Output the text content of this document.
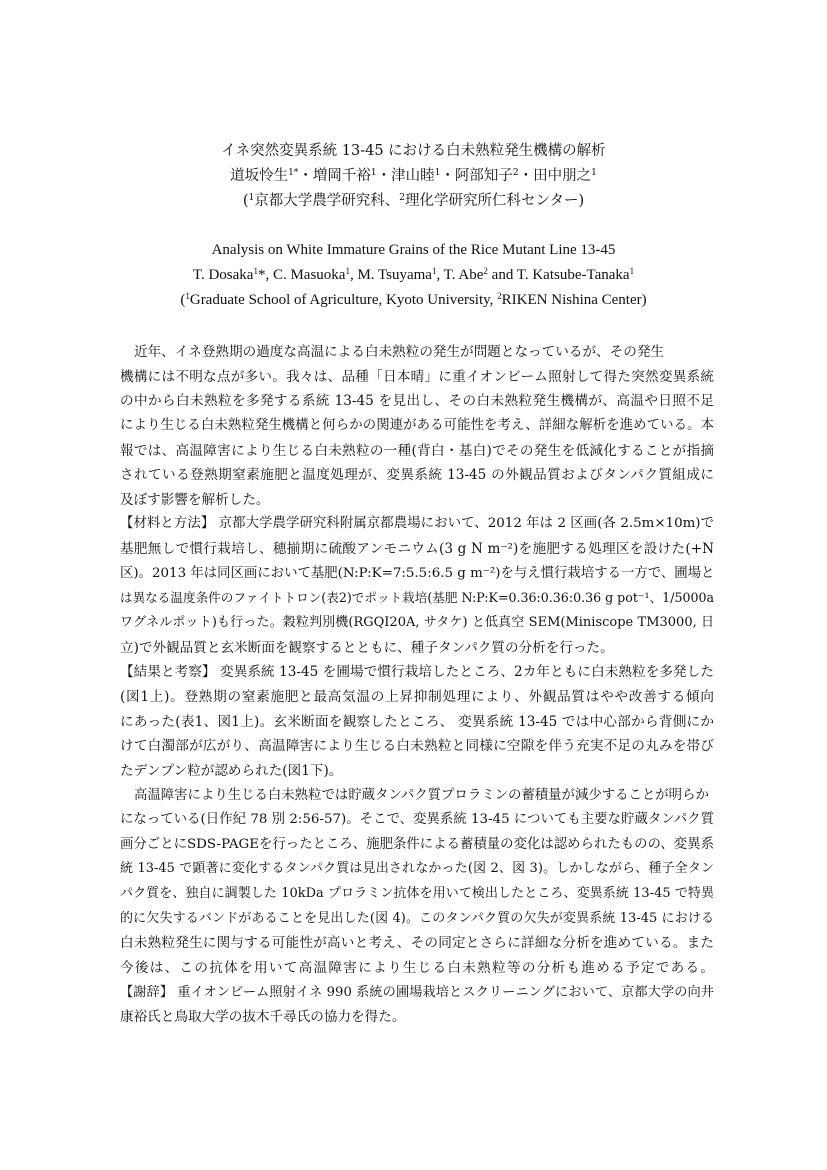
イネ突然変異系統 13-45 における白未熟粒発生機構の解析
道坂怜生$^{1*}$・増岡千裕$^1$・津山睦$^1$・阿部知子$^2$・田中朋之$^1$
($^1$京都大学農学研究科、$^2$理化学研究所仁科センター)
Analysis on White Immature Grains of the Rice Mutant Line 13-45
T. Dosaka$^1$*, C. Masuoka$^1$, M. Tsuyama$^1$, T. Abe$^2$ and T. Katsube-Tanaka$^1$
($^1$Graduate School of Agriculture, Kyoto University, $^2$RIKEN Nishina Center)
近年、イネ登熟期の過度な高温による白未熟粒の発生が問題となっているが、その発生
機構には不明な点が多い。我々は、品種「日本晴」に重イオンビーム照射して得た突然変異系統
の中から白未熟粒を多発する系統 13-45 を見出し、その白未熟粒発生機構が、高温や日照不足
により生じる白未熟粒発生機構と何らかの関連がある可能性を考え、詳細な解析を進めている。本
報では、高温障害により生じる白未熟粒の一種(背白・基白)でその発生を低減化することが指摘
されている登熟期窒素施肥と温度処理が、変異系統 13-45 の外観品質およびタンパク質組成に
及ぼす影響を解析した。
【材料と方法】 京都大学農学研究科附属京都農場において、2012 年は 2 区画(各 2.5m×10m)で
基肥無しで慣行栽培し、穂揃期に硫酸アンモニウム(3 g N m⁻²)を施肥する処理区を設けた(+N
区)。2013 年は同区画において基肥(N:P:K=7:5.5:6.5 g m⁻²)を与え慣行栽培する一方で、圃場と
は異なる温度条件のファイトトロン(表2)でポット栽培(基肥 N:P:K=0.36:0.36:0.36 g pot⁻¹、1/5000a
ワグネルポット)も行った。穀粒判別機(RGQI20A, サタケ) と低真空 SEM(Miniscope TM3000, 日
立)で外観品質と玄米断面を観察するとともに、種子タンパク質の分析を行った。
【結果と考察】 変異系統 13-45 を圃場で慣行栽培したところ、2カ年ともに白未熟粒を多発した
(図1上)。登熟期の窒素施肥と最高気温の上昇抑制処理により、外観品質はやや改善する傾向
にあった(表1、図1上)。玄米断面を観察したところ、 変異系統 13-45 では中心部から背側にか
けて白濁部が広がり、高温障害により生じる白未熟粒と同様に空隙を伴う充実不足の丸みを帯び
たデンプン粒が認められた(図1下)。
高温障害により生じる白未熟粒では貯蔵タンパク質プロラミンの蓄積量が減少することが明らか
になっている(日作紀 78 別 2:56-57)。そこで、変異系統 13-45 についても主要な貯蔵タンパク質
画分ごとにSDS-PAGEを行ったところ、施肥条件による蓄積量の変化は認められたものの、変異系
統 13-45 で顕著に変化するタンパク質は見出されなかった(図 2、図 3)。しかしながら、種子全タン
パク質を、独自に調製した 10kDa プロラミン抗体を用いて検出したところ、変異系統 13-45 で特異
的に欠失するバンドがあることを見出した(図 4)。このタンパク質の欠失が変異系統 13-45 における
白未熟粒発生に関与する可能性が高いと考え、その同定とさらに詳細な分析を進めている。また
今後は、この抗体を用いて高温障害により生じる白未熟粒等の分析も進める予定である。
【謝辞】 重イオンビーム照射イネ 990 系統の圃場栽培とスクリーニングにおいて、京都大学の向井
康裕氏と鳥取大学の抜木千尋氏の協力を得た。
